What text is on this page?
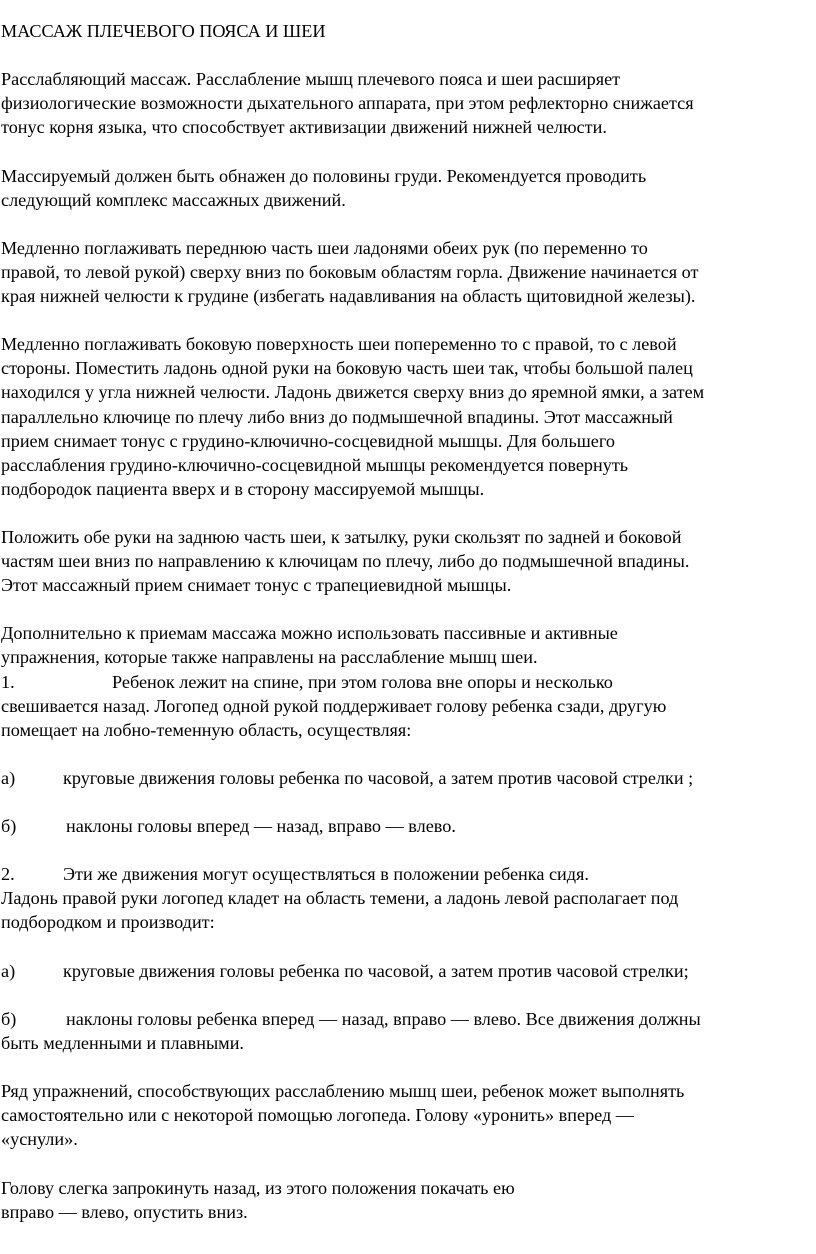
МАССАЖ ПЛЕЧЕВОГО ПОЯСА И ШЕИ
Расслабляющий массаж. Расслабление мышц плечевого пояса и шеи расширяет
физиологические возможности дыхательного аппарата, при этом рефлекторно снижается
тонус корня языка, что способствует активизации движений нижней челюсти.
Массируемый должен быть обнажен до половины груди. Рекомендуется проводить
следующий комплекс массажных движений.
Медленно поглаживать переднюю часть шеи ладонями обеих рук (по переменно то
правой, то левой рукой) сверху вниз по боковым областям горла. Движение начинается от
края нижней челюсти к грудине (избегать надавливания на область щитовидной железы).
Медленно поглаживать боковую поверхность шеи попеременно то с правой, то с левой
стороны. Поместить ладонь одной руки на боковую часть шеи так, чтобы большой палец
находился у угла нижней челюсти. Ладонь движется сверху вниз до яремной ямки, а затем
параллельно ключице по плечу либо вниз до подмышечной впадины. Этот массажный
прием снимает тонус с грудино-ключично-сосцевидной мышцы. Для большего
расслабления грудино-ключично-сосцевидной мышцы рекомендуется повернуть
подбородок пациента вверх и в сторону массируемой мышцы.
Положить обе руки на заднюю часть шеи, к затылку, руки скользят по задней и боковой
частям шеи вниз по направлению к ключицам по плечу, либо до подмышечной впадины.
Этот массажный прием снимает тонус с трапециевидной мышцы.
Дополнительно к приемам массажа можно использовать пассивные и активные
упражнения, которые также направлены на расслабление мышц шеи.
1.	Ребенок лежит на спине, при этом голова вне опоры и несколько
свешивается назад. Логопед одной рукой поддерживает голову ребенка сзади, другую
помещает на лобно-теменную область, осуществляя:
а)	круговые движения головы ребенка по часовой, а затем против часовой стрелки ;
б)	наклоны головы вперед — назад, вправо — влево.
2.	Эти же движения могут осуществляться в положении ребенка сидя.
Ладонь правой руки логопед кладет на область темени, а ладонь левой располагает под
подбородком и производит:
а)	круговые движения головы ребенка по часовой, а затем против часовой стрелки;
б)	наклоны головы ребенка вперед — назад, вправо — влево. Все движения должны
быть медленными и плавными.
Ряд упражнений, способствующих расслаблению мышц шеи, ребенок может выполнять
самостоятельно или с некоторой помощью логопеда. Голову «уронить» вперед —
«уснули».
Голову слегка запрокинуть назад, из этого положения покачать ею
вправо — влево, опустить вниз.
